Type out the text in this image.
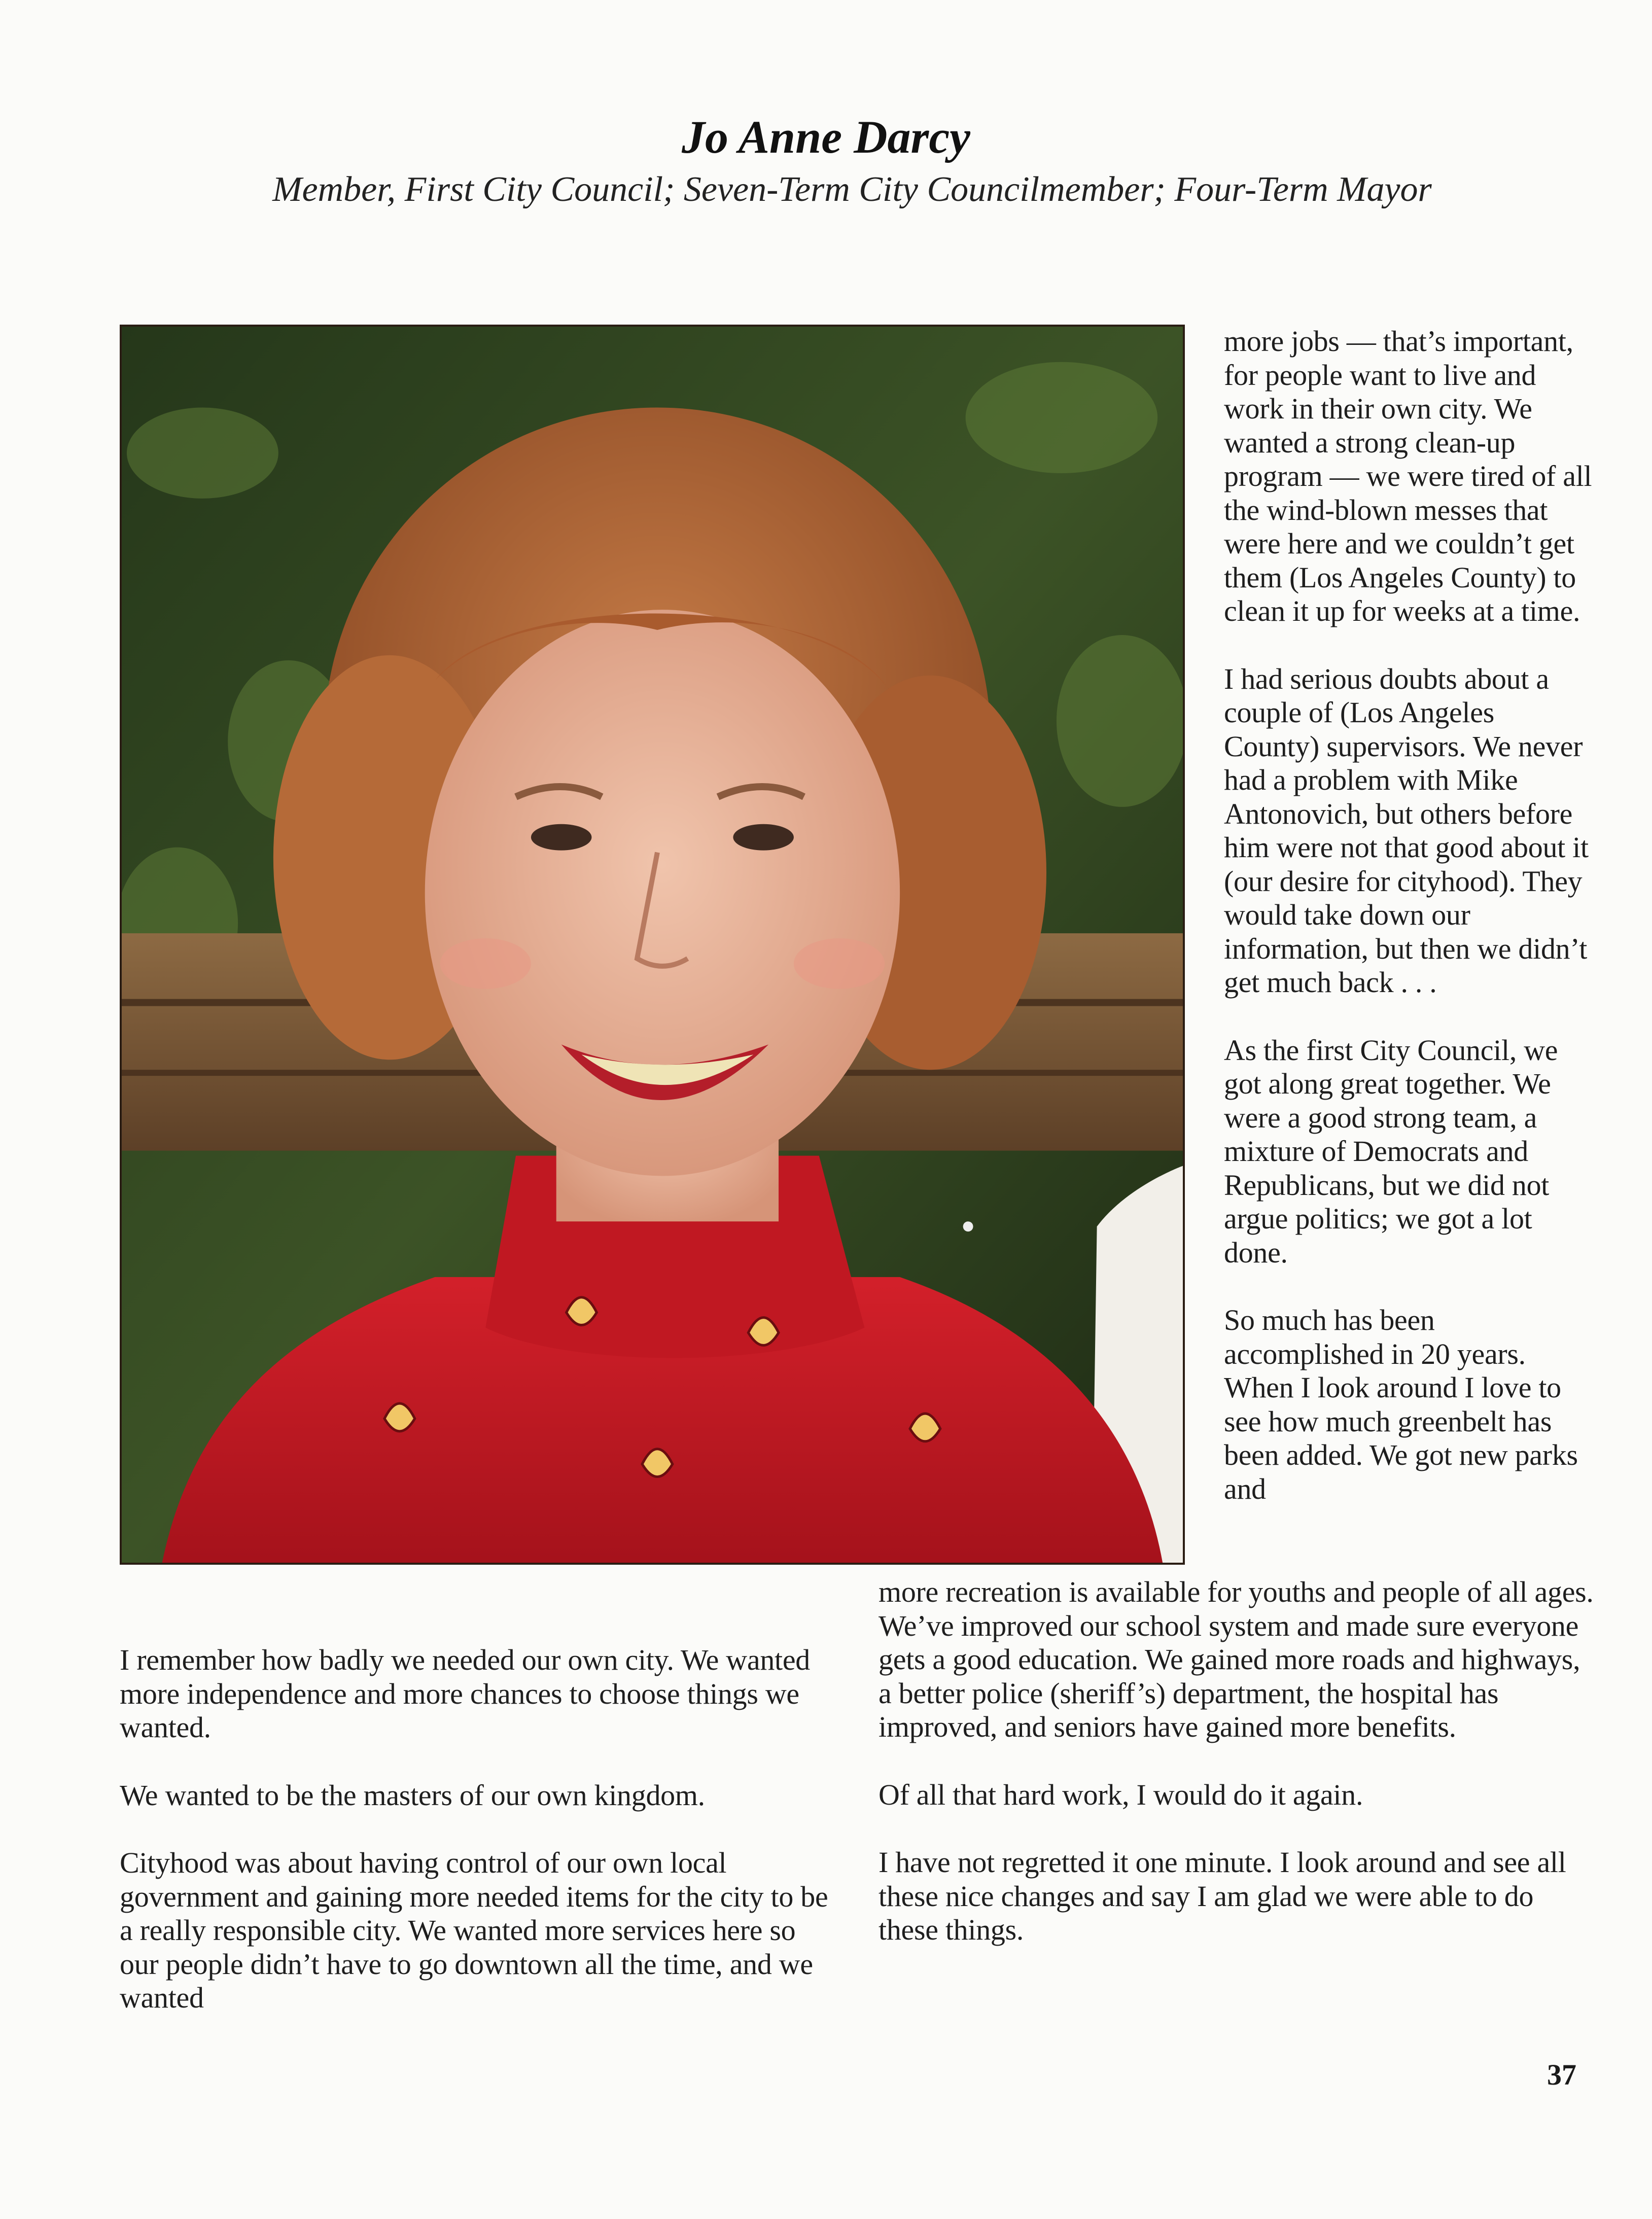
Jo Anne Darcy
Member, First City Council; Seven-Term City Councilmember; Four-Term Mayor

more jobs — that’s important, for people want to live and work in their own city. We wanted a strong clean-up program — we were tired of all the wind-blown messes that were here and we couldn’t get them (Los Angeles County) to clean it up for weeks at a time.

I had serious doubts about a couple of (Los Angeles County) supervisors. We never had a problem with Mike Antonovich, but others before him were not that good about it (our desire for cityhood). They would take down our information, but then we didn’t get much back . . .

As the first City Council, we got along great together. We were a good strong team, a mixture of Democrats and Republicans, but we did not argue politics; we got a lot done.

So much has been accomplished in 20 years. When I look around I love to see how much greenbelt has been added. We got new parks and

I remember how badly we needed our own city. We wanted more independence and more chances to choose things we wanted.

We wanted to be the masters of our own kingdom.

Cityhood was about having control of our own local government and gaining more needed items for the city to be a really responsible city. We wanted more services here so our people didn’t have to go downtown all the time, and we wanted

more recreation is available for youths and people of all ages. We’ve improved our school system and made sure everyone gets a good education. We gained more roads and highways, a better police (sheriff’s) department, the hospital has improved, and seniors have gained more benefits.

Of all that hard work, I would do it again.

I have not regretted it one minute. I look around and see all these nice changes and say I am glad we were able to do these things.

37
